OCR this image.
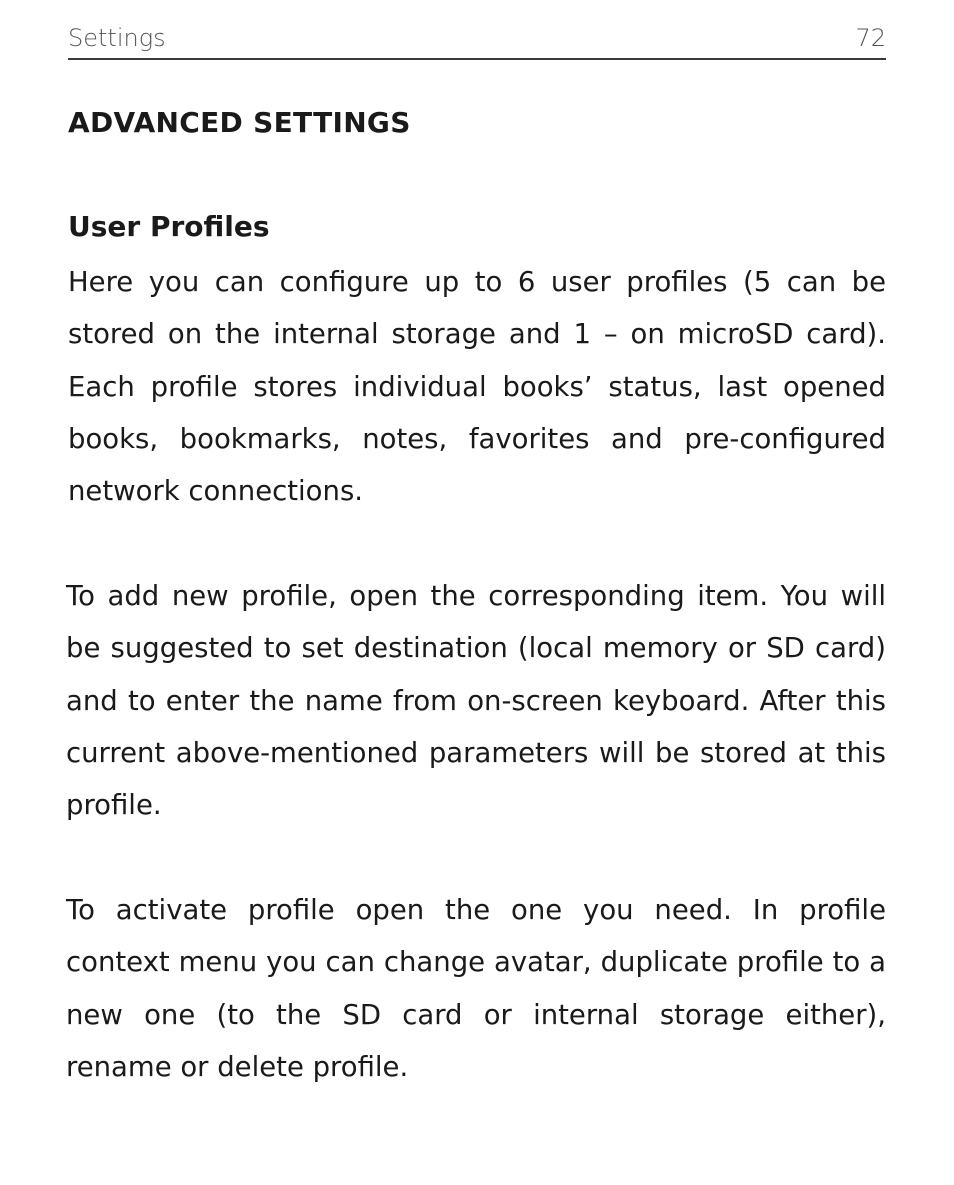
Settings	72
ADVANCED SETTINGS
User Profiles

Here you can configure up to 6 user profiles (5 can be stored on the internal storage and 1 – on microSD card). Each profile stores individual books’ status, last opened books, bookmarks, notes, favorites and pre-configured network connections.

To add new profile, open the corresponding item. You will be suggested to set destination (local memory or SD card) and to enter the name from on-screen keyboard. After this current above-mentioned parameters will be stored at this profile.

To activate profile open the one you need. In profile context menu you can change avatar, duplicate profile to a new one (to the SD card or internal storage either), rename or delete profile.
